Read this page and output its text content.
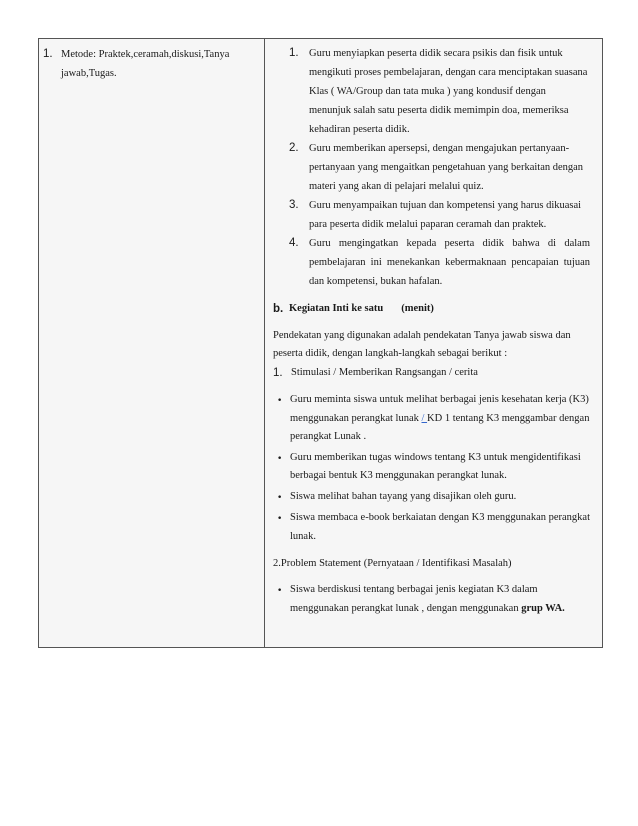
1. Metode: Praktek,ceramah,diskusi,Tanya jawab,Tugas.
1. Guru menyiapkan peserta didik secara psikis dan fisik untuk mengikuti proses pembelajaran, dengan cara menciptakan suasana Klas ( WA/Group dan tata muka ) yang kondusif dengan menunjuk salah satu peserta didik memimpin doa, memeriksa kehadiran peserta didik.
2. Guru memberikan apersepsi, dengan mengajukan pertanyaan-pertanyaan yang mengaitkan pengetahuan yang berkaitan dengan materi yang akan di pelajari melalui quiz.
3. Guru menyampaikan tujuan dan kompetensi yang harus dikuasai para peserta didik melalui paparan ceramah dan praktek.
4. Guru mengingatkan kepada peserta didik bahwa di dalam pembelajaran ini menekankan kebermaknaan pencapaian tujuan dan kompetensi, bukan hafalan.
b. Kegiatan Inti ke satu (menit)
Pendekatan yang digunakan adalah pendekatan Tanya jawab siswa dan peserta didik, dengan langkah-langkah sebagai berikut :
1. Stimulasi / Memberikan Rangsangan / cerita
• Guru meminta siswa untuk melihat berbagai jenis kesehatan kerja (K3) menggunakan perangkat lunak / KD 1 tentang K3 menggambar dengan perangkat Lunak .
• Guru memberikan tugas windows tentang K3 untuk mengidentifikasi berbagai bentuk K3 menggunakan perangkat lunak.
• Siswa melihat bahan tayang yang disajikan oleh guru.
• Siswa membaca e-book berkaiatan dengan K3 menggunakan perangkat lunak.
2.Problem Statement (Pernyataan / Identifikasi Masalah)
• Siswa berdiskusi tentang berbagai jenis kegiatan K3 dalam menggunakan perangkat lunak , dengan menggunakan grup WA.
